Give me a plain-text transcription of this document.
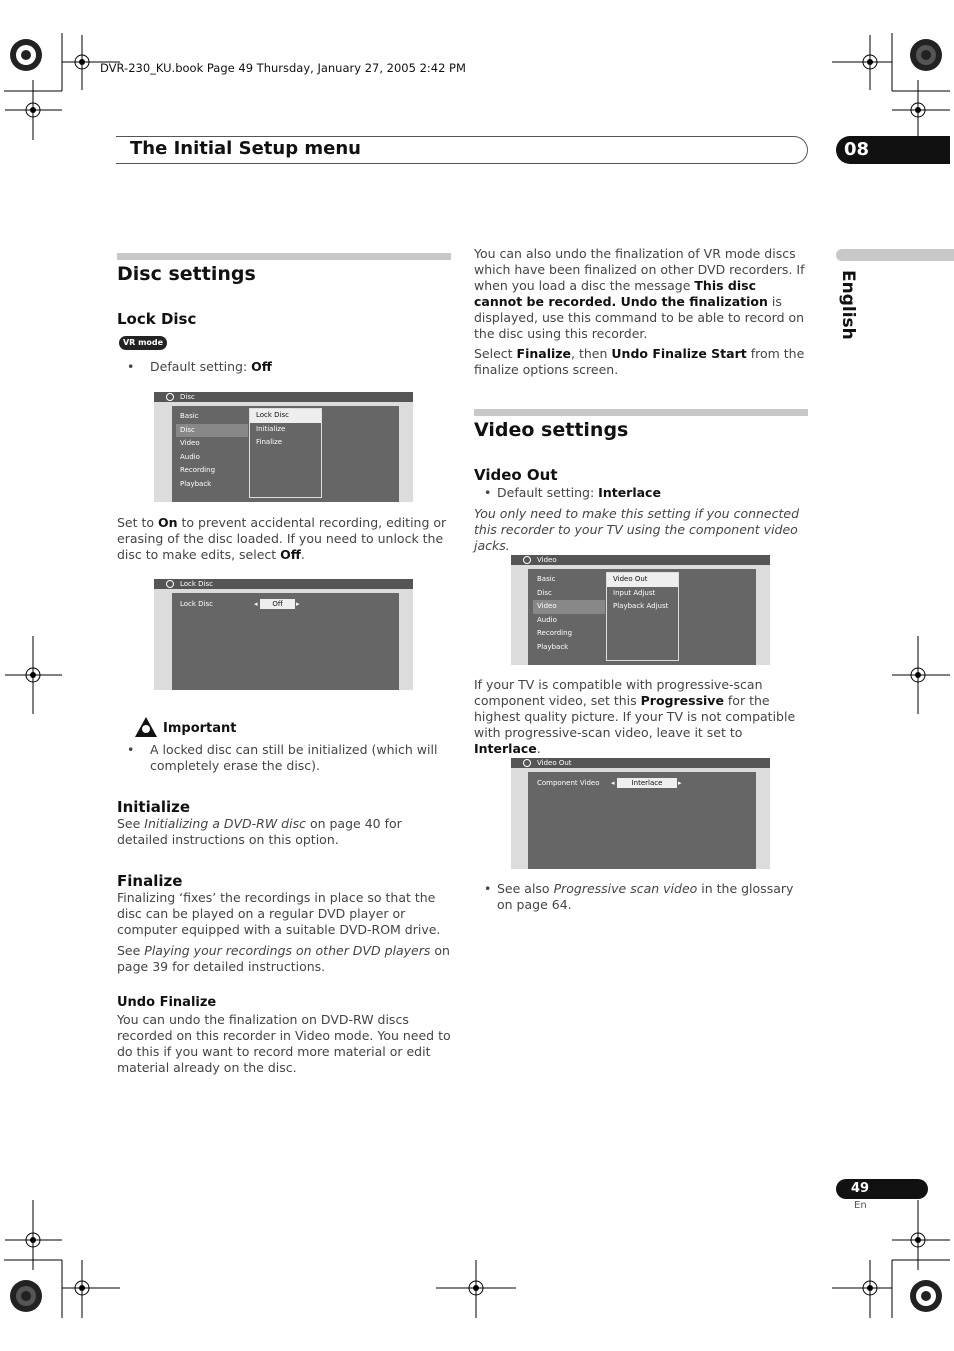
DVR-230_KU.book Page 49 Thursday, January 27, 2005 2:42 PM
The Initial Setup menu	08
English
Disc settings
Lock Disc
VR mode
• Default setting: Off
Disc
Basic
Disc
Video
Audio
Recording
Playback
Lock Disc
Initialize
Finalize
Set to On to prevent accidental recording, editing or erasing of the disc loaded. If you need to unlock the disc to make edits, select Off.
Lock Disc
Lock Disc	◂	Off	▸
Important
• A locked disc can still be initialized (which will completely erase the disc).
Initialize
See Initializing a DVD-RW disc on page 40 for detailed instructions on this option.
Finalize
Finalizing ‘fixes’ the recordings in place so that the disc can be played on a regular DVD player or computer equipped with a suitable DVD-ROM drive.
See Playing your recordings on other DVD players on page 39 for detailed instructions.
Undo Finalize
You can undo the finalization on DVD-RW discs recorded on this recorder in Video mode. You need to do this if you want to record more material or edit material already on the disc.
You can also undo the finalization of VR mode discs which have been finalized on other DVD recorders. If when you load a disc the message This disc cannot be recorded. Undo the finalization is displayed, use this command to be able to record on the disc using this recorder.
Select Finalize, then Undo Finalize Start from the finalize options screen.
Video settings
Video Out
• Default setting: Interlace
You only need to make this setting if you connected this recorder to your TV using the component video jacks.
Video
Basic
Disc
Video
Audio
Recording
Playback
Video Out
Input Adjust
Playback Adjust
If your TV is compatible with progressive-scan component video, set this Progressive for the highest quality picture. If your TV is not compatible with progressive-scan video, leave it set to Interlace.
Video Out
Component Video ◂	Interlace	▸
• See also Progressive scan video in the glossary on page 64.
49
En
